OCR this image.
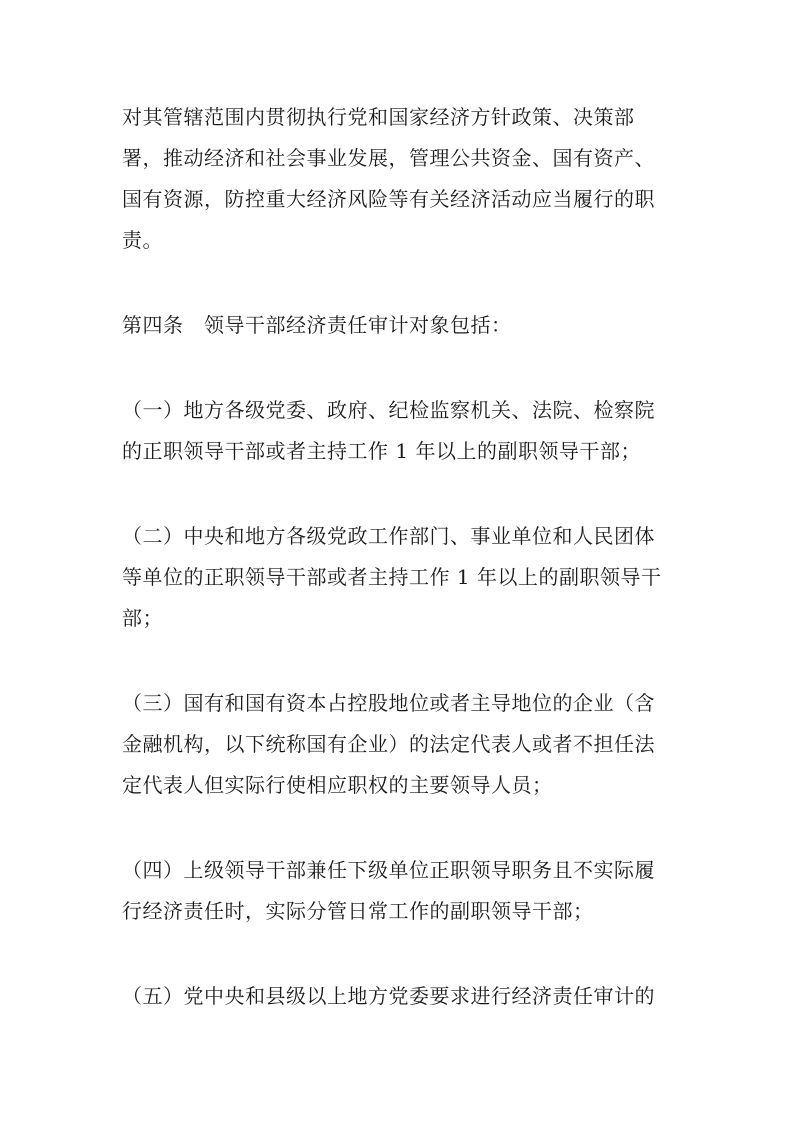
对其管辖范围内贯彻执行党和国家经济方针政策、决策部
署，推动经济和社会事业发展，管理公共资金、国有资产、
国有资源，防控重大经济风险等有关经济活动应当履行的职
责。
第四条　领导干部经济责任审计对象包括：
（一）地方各级党委、政府、纪检监察机关、法院、检察院
的正职领导干部或者主持工作 1 年以上的副职领导干部；
（二）中央和地方各级党政工作部门、事业单位和人民团体
等单位的正职领导干部或者主持工作 1 年以上的副职领导干
部；
（三）国有和国有资本占控股地位或者主导地位的企业（含
金融机构，以下统称国有企业）的法定代表人或者不担任法
定代表人但实际行使相应职权的主要领导人员；
（四）上级领导干部兼任下级单位正职领导职务且不实际履
行经济责任时，实际分管日常工作的副职领导干部；
（五）党中央和县级以上地方党委要求进行经济责任审计的
